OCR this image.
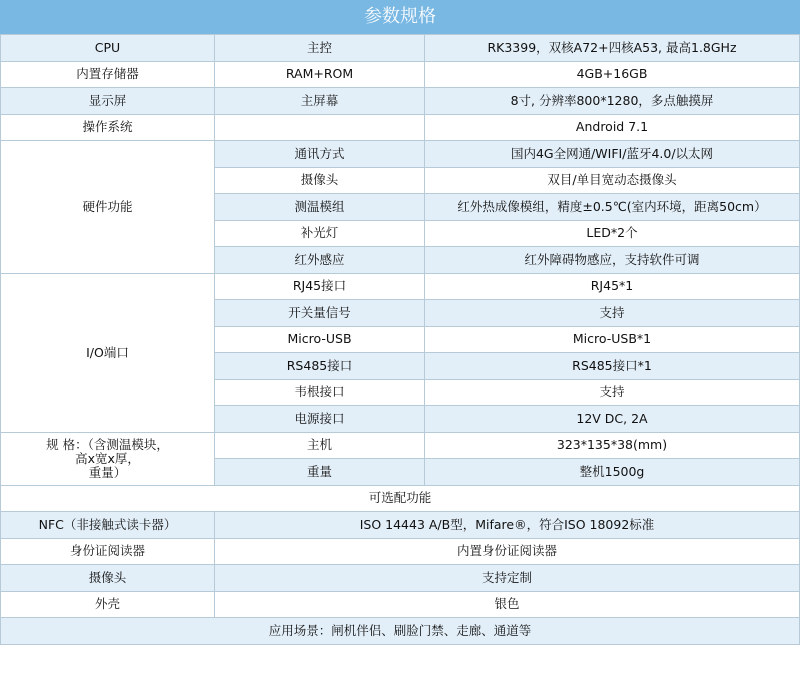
参数规格
CPU	主控	RK3399，双核A72+四核A53, 最高1.8GHz
内置存储器	RAM+ROM	4GB+16GB
显示屏	主屏幕	8寸, 分辨率800*1280，多点触摸屏
操作系统		Android 7.1
硬件功能	通讯方式	国内4G全网通/WIFI/蓝牙4.0/以太网
	摄像头	双目/单目宽动态摄像头
	测温模组	红外热成像模组，精度±0.5℃(室内环境，距离50cm）
	补光灯	LED*2个
	红外感应	红外障碍物感应，支持软件可调
I/O端口	RJ45接口	RJ45*1
	开关量信号	支持
	Micro-USB	Micro-USB*1
	RS485接口	RS485接口*1
	韦根接口	支持
	电源接口	12V DC, 2A

规 格：（含测温模块，
高x宽x厚，
重量）	主机	323*135*38(mm)
	重量	整机1500g
可选配功能		
NFC（非接触式读卡器）	ISO 14443 A/B型，Mifare®，符合ISO 18092标准	
身份证阅读器	内置身份证阅读器	
摄像头	支持定制	
外壳	银色	
应用场景：闸机伴侣、刷脸门禁、走廊、通道等		
